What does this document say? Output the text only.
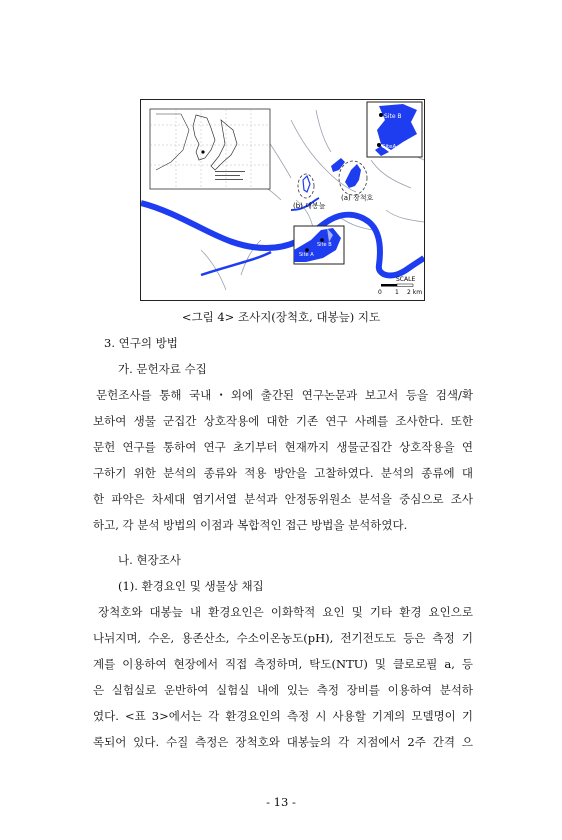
(a) 장척호
(b) 대봉늪
Site B
SiteA
Site B
Site A
SCALE
0 1 2 km
<그림 4> 조사지(장척호, 대봉늪) 지도
3. 연구의 방법
가. 문헌자료 수집
문헌조사를 통해 국내・외에 출간된 연구논문과 보고서 등을 검색/확
보하여 생물 군집간 상호작용에 대한 기존 연구 사례를 조사한다. 또한
문헌 연구를 통하여 연구 초기부터 현재까지 생물군집간 상호작용을 연
구하기 위한 분석의 종류와 적용 방안을 고찰하였다. 분석의 종류에 대
한 파악은 차세대 염기서열 분석과 안정동위원소 분석을 중심으로 조사
하고, 각 분석 방법의 이점과 복합적인 접근 방법을 분석하였다.
나. 현장조사
(1). 환경요인 및 생물상 채집
장척호와 대봉늪 내 환경요인은 이화학적 요인 및 기타 환경 요인으로
나뉘지며, 수온, 용존산소, 수소이온농도(pH), 전기전도도 등은 측정 기
계를 이용하여 현장에서 직접 측정하며, 탁도(NTU) 및 클로로필 a, 등
은 실험실로 운반하여 실험실 내에 있는 측정 장비를 이용하여 분석하
였다. <표 3>에서는 각 환경요인의 측정 시 사용할 기계의 모델명이 기
록되어 있다. 수질 측정은 장척호와 대봉늪의 각 지점에서 2주 간격 으
- 13 -
